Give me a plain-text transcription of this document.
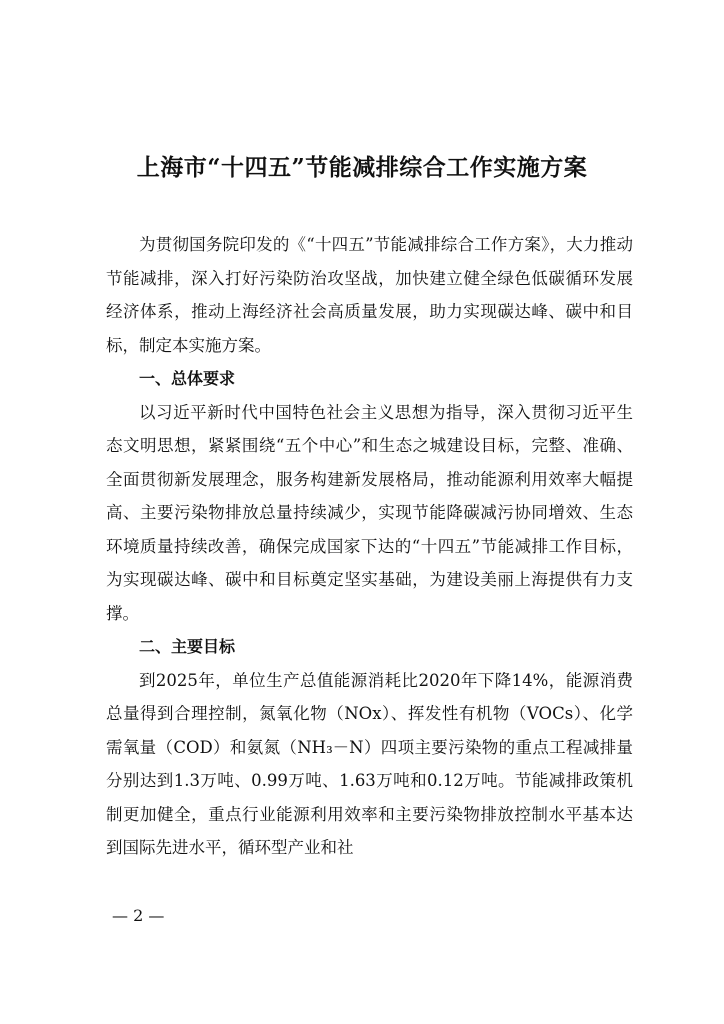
上海市“十四五”节能减排综合工作实施方案

为贯彻国务院印发的《“十四五”节能减排综合工作方案》，大力推动节能减排，深入打好污染防治攻坚战，加快建立健全绿色低碳循环发展经济体系，推动上海经济社会高质量发展，助力实现碳达峰、碳中和目标，制定本实施方案。

一、总体要求

以习近平新时代中国特色社会主义思想为指导，深入贯彻习近平生态文明思想，紧紧围绕“五个中心”和生态之城建设目标，完整、准确、全面贯彻新发展理念，服务构建新发展格局，推动能源利用效率大幅提高、主要污染物排放总量持续减少，实现节能降碳减污协同增效、生态环境质量持续改善，确保完成国家下达的“十四五”节能减排工作目标，为实现碳达峰、碳中和目标奠定坚实基础，为建设美丽上海提供有力支撑。

二、主要目标

到2025年，单位生产总值能源消耗比2020年下降14%，能源消费总量得到合理控制，氮氧化物（NOx）、挥发性有机物（VOCs）、化学需氧量（COD）和氨氮（NH₃－N）四项主要污染物的重点工程减排量分别达到1.3万吨、0.99万吨、1.63万吨和0.12万吨。节能减排政策机制更加健全，重点行业能源利用效率和主要污染物排放控制水平基本达到国际先进水平，循环型产业和社

— 2 —
